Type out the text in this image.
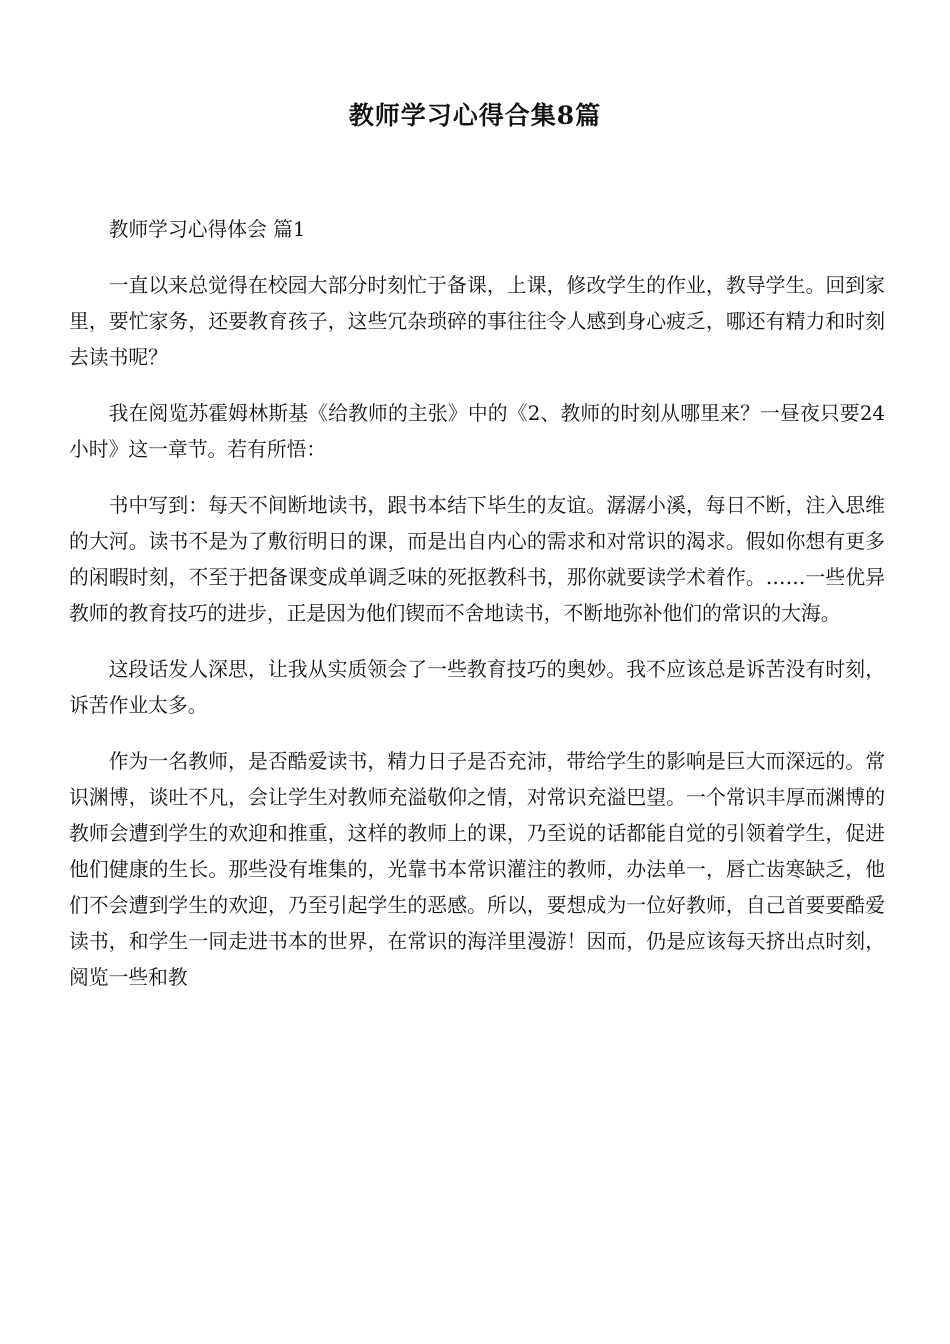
教师学习心得合集8篇

教师学习心得体会 篇1

一直以来总觉得在校园大部分时刻忙于备课，上课，修改学生的作业，教导学生。回到家里，要忙家务，还要教育孩子，这些冗杂琐碎的事往往令人感到身心疲乏，哪还有精力和时刻去读书呢？

我在阅览苏霍姆林斯基《给教师的主张》中的《2、教师的时刻从哪里来？一昼夜只要24小时》这一章节。若有所悟：

书中写到：每天不间断地读书，跟书本结下毕生的友谊。潺潺小溪，每日不断，注入思维的大河。读书不是为了敷衍明日的课，而是出自内心的需求和对常识的渴求。假如你想有更多的闲暇时刻，不至于把备课变成单调乏味的死抠教科书，那你就要读学术着作。……一些优异教师的教育技巧的进步，正是因为他们锲而不舍地读书，不断地弥补他们的常识的大海。

这段话发人深思，让我从实质领会了一些教育技巧的奥妙。我不应该总是诉苦没有时刻，诉苦作业太多。

作为一名教师，是否酷爱读书，精力日子是否充沛，带给学生的影响是巨大而深远的。常识渊博，谈吐不凡，会让学生对教师充溢敬仰之情，对常识充溢巴望。一个常识丰厚而渊博的教师会遭到学生的欢迎和推重，这样的教师上的课，乃至说的话都能自觉的引领着学生，促进他们健康的生长。那些没有堆集的，光靠书本常识灌注的教师，办法单一，唇亡齿寒缺乏，他们不会遭到学生的欢迎，乃至引起学生的恶感。所以，要想成为一位好教师，自己首要要酷爱读书，和学生一同走进书本的世界，在常识的海洋里漫游！因而，仍是应该每天挤出点时刻，阅览一些和教
